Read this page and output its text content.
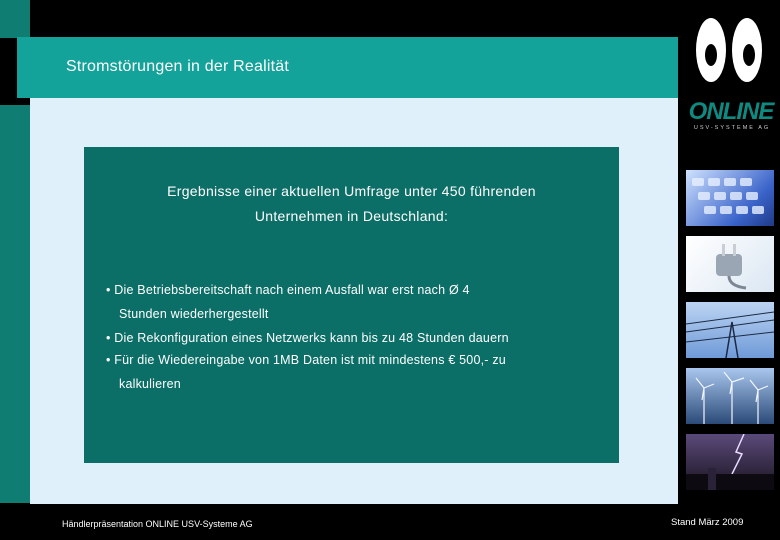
Stromstörungen in der Realität
Ergebnisse einer aktuellen Umfrage unter 450 führenden
Unternehmen in Deutschland:
• Die Betriebsbereitschaft nach einem Ausfall war erst nach Ø 4
Stunden wiederhergestellt
• Die Rekonfiguration eines Netzwerks kann bis zu 48 Stunden dauern
• Für die Wiedereingabe von 1MB Daten ist mit mindestens € 500,- zu
kalkulieren
ONLINE
USV-SYSTEME AG
Händlerpräsentation ONLINE USV-Systeme AG	Stand März 2009
